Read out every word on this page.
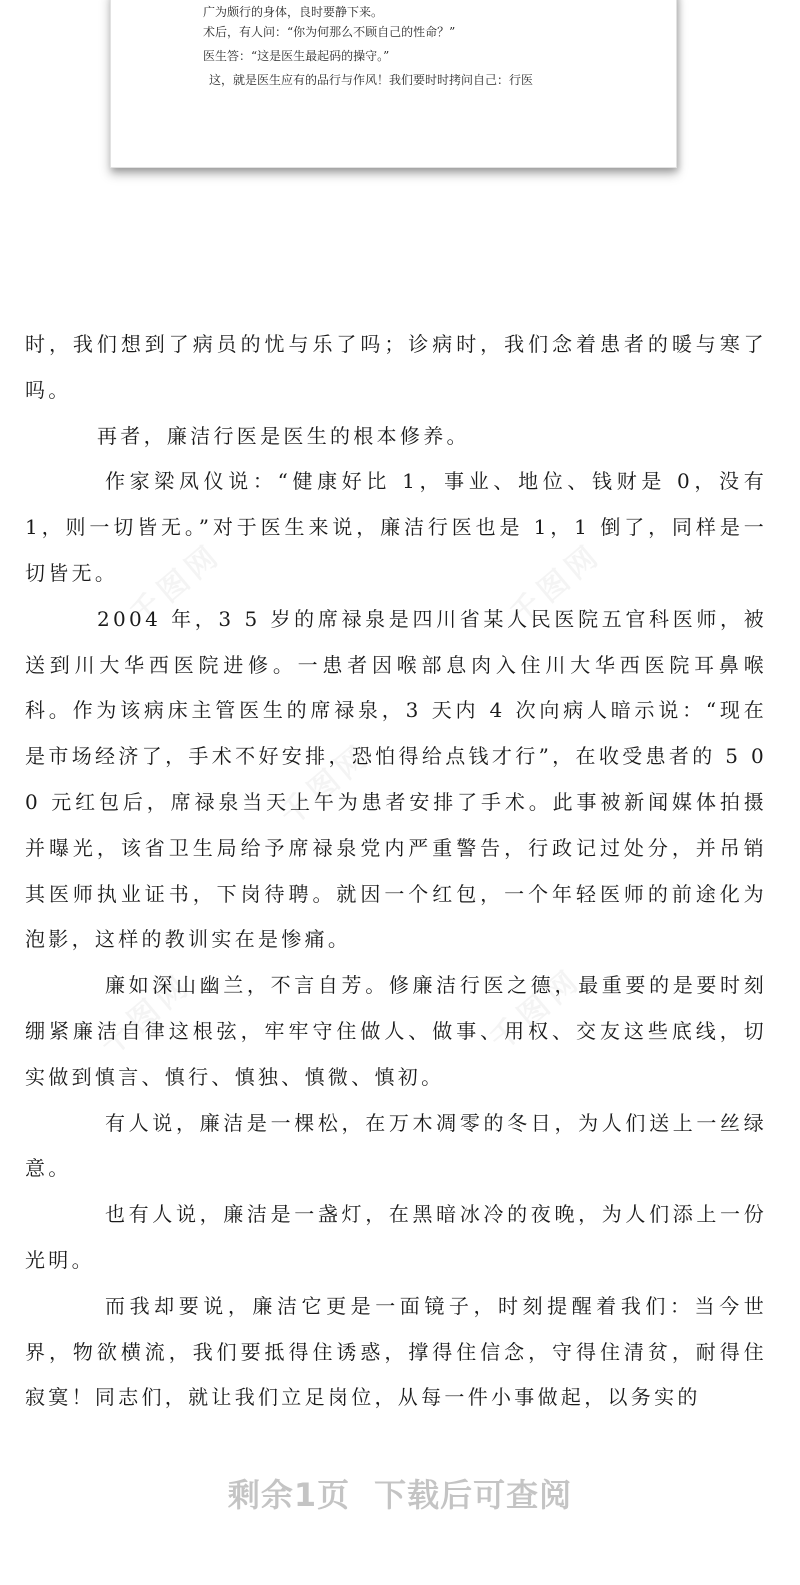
广为颇行的身体，良时要静下来。
术后，有人问：“你为何那么不顾自己的性命？”
医生答：“这是医生最起码的操守。”
这，就是医生应有的品行与作风！我们要时时拷问自己：行医

时，我们想到了病员的忧与乐了吗；诊病时，我们念着患者的暖与寒了吗。

再者，廉洁行医是医生的根本修养。

作家梁凤仪说：“健康好比 1，事业、地位、钱财是 0，没有 1，则一切皆无。”对于医生来说，廉洁行医也是 1，1 倒了，同样是一切皆无。

2004 年，3 5 岁的席禄泉是四川省某人民医院五官科医师，被送到川大华西医院进修。一患者因喉部息肉入住川大华西医院耳鼻喉科。作为该病床主管医生的席禄泉，3 天内 4 次向病人暗示说：“现在是市场经济了，手术不好安排，恐怕得给点钱才行”，在收受患者的 5 0 0 元红包后，席禄泉当天上午为患者安排了手术。此事被新闻媒体拍摄并曝光，该省卫生局给予席禄泉党内严重警告，行政记过处分，并吊销其医师执业证书，下岗待聘。就因一个红包，一个年轻医师的前途化为泡影，这样的教训实在是惨痛。

廉如深山幽兰，不言自芳。修廉洁行医之德，最重要的是要时刻绷紧廉洁自律这根弦，牢牢守住做人、做事、用权、交友这些底线，切实做到慎言、慎行、慎独、慎微、慎初。

有人说，廉洁是一棵松，在万木凋零的冬日，为人们送上一丝绿意。

也有人说，廉洁是一盏灯，在黑暗冰冷的夜晚，为人们添上一份光明。

而我却要说，廉洁它更是一面镜子，时刻提醒着我们：当今世界，物欲横流，我们要抵得住诱惑，撑得住信念，守得住清贫，耐得住寂寞！同志们，就让我们立足岗位，从每一件小事做起，以务实的

剩余1页 下载后可查阅
